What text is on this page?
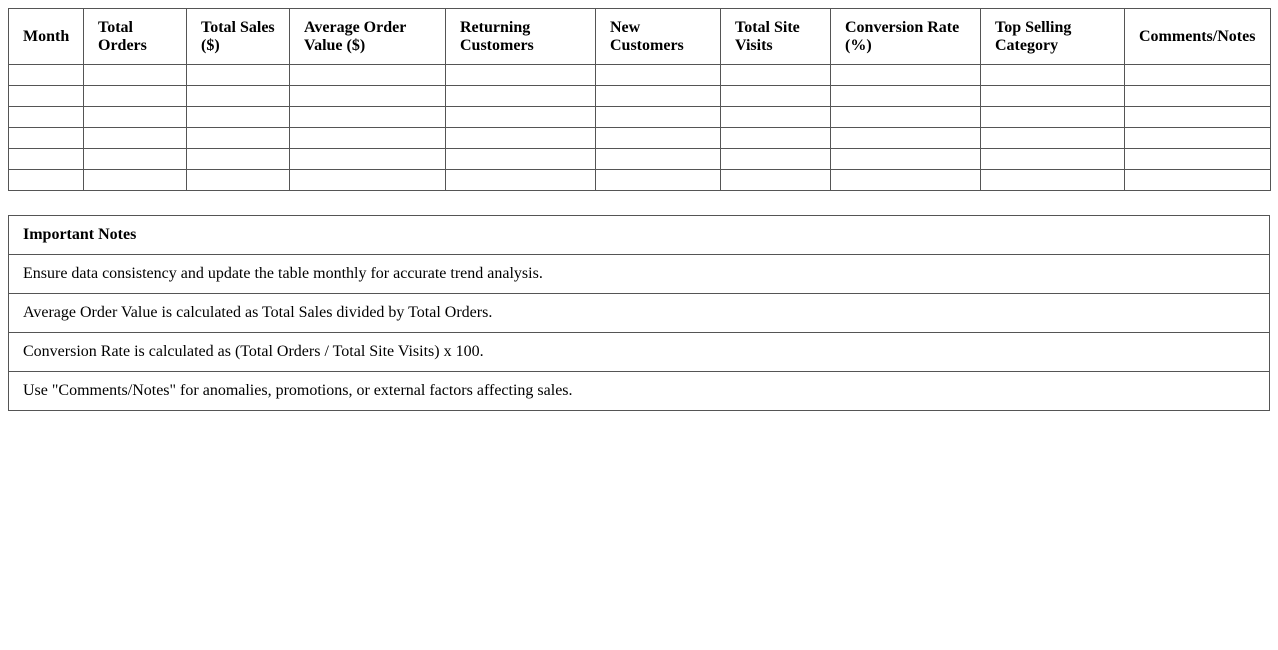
Month	Total Orders	Total Sales ($)	Average Order Value ($)	Returning Customers	New Customers	Total Site Visits	Conversion Rate (%)	Top Selling Category	Comments/Notes

Important Notes
Ensure data consistency and update the table monthly for accurate trend analysis.
Average Order Value is calculated as Total Sales divided by Total Orders.
Conversion Rate is calculated as (Total Orders / Total Site Visits) x 100.
Use "Comments/Notes" for anomalies, promotions, or external factors affecting sales.
